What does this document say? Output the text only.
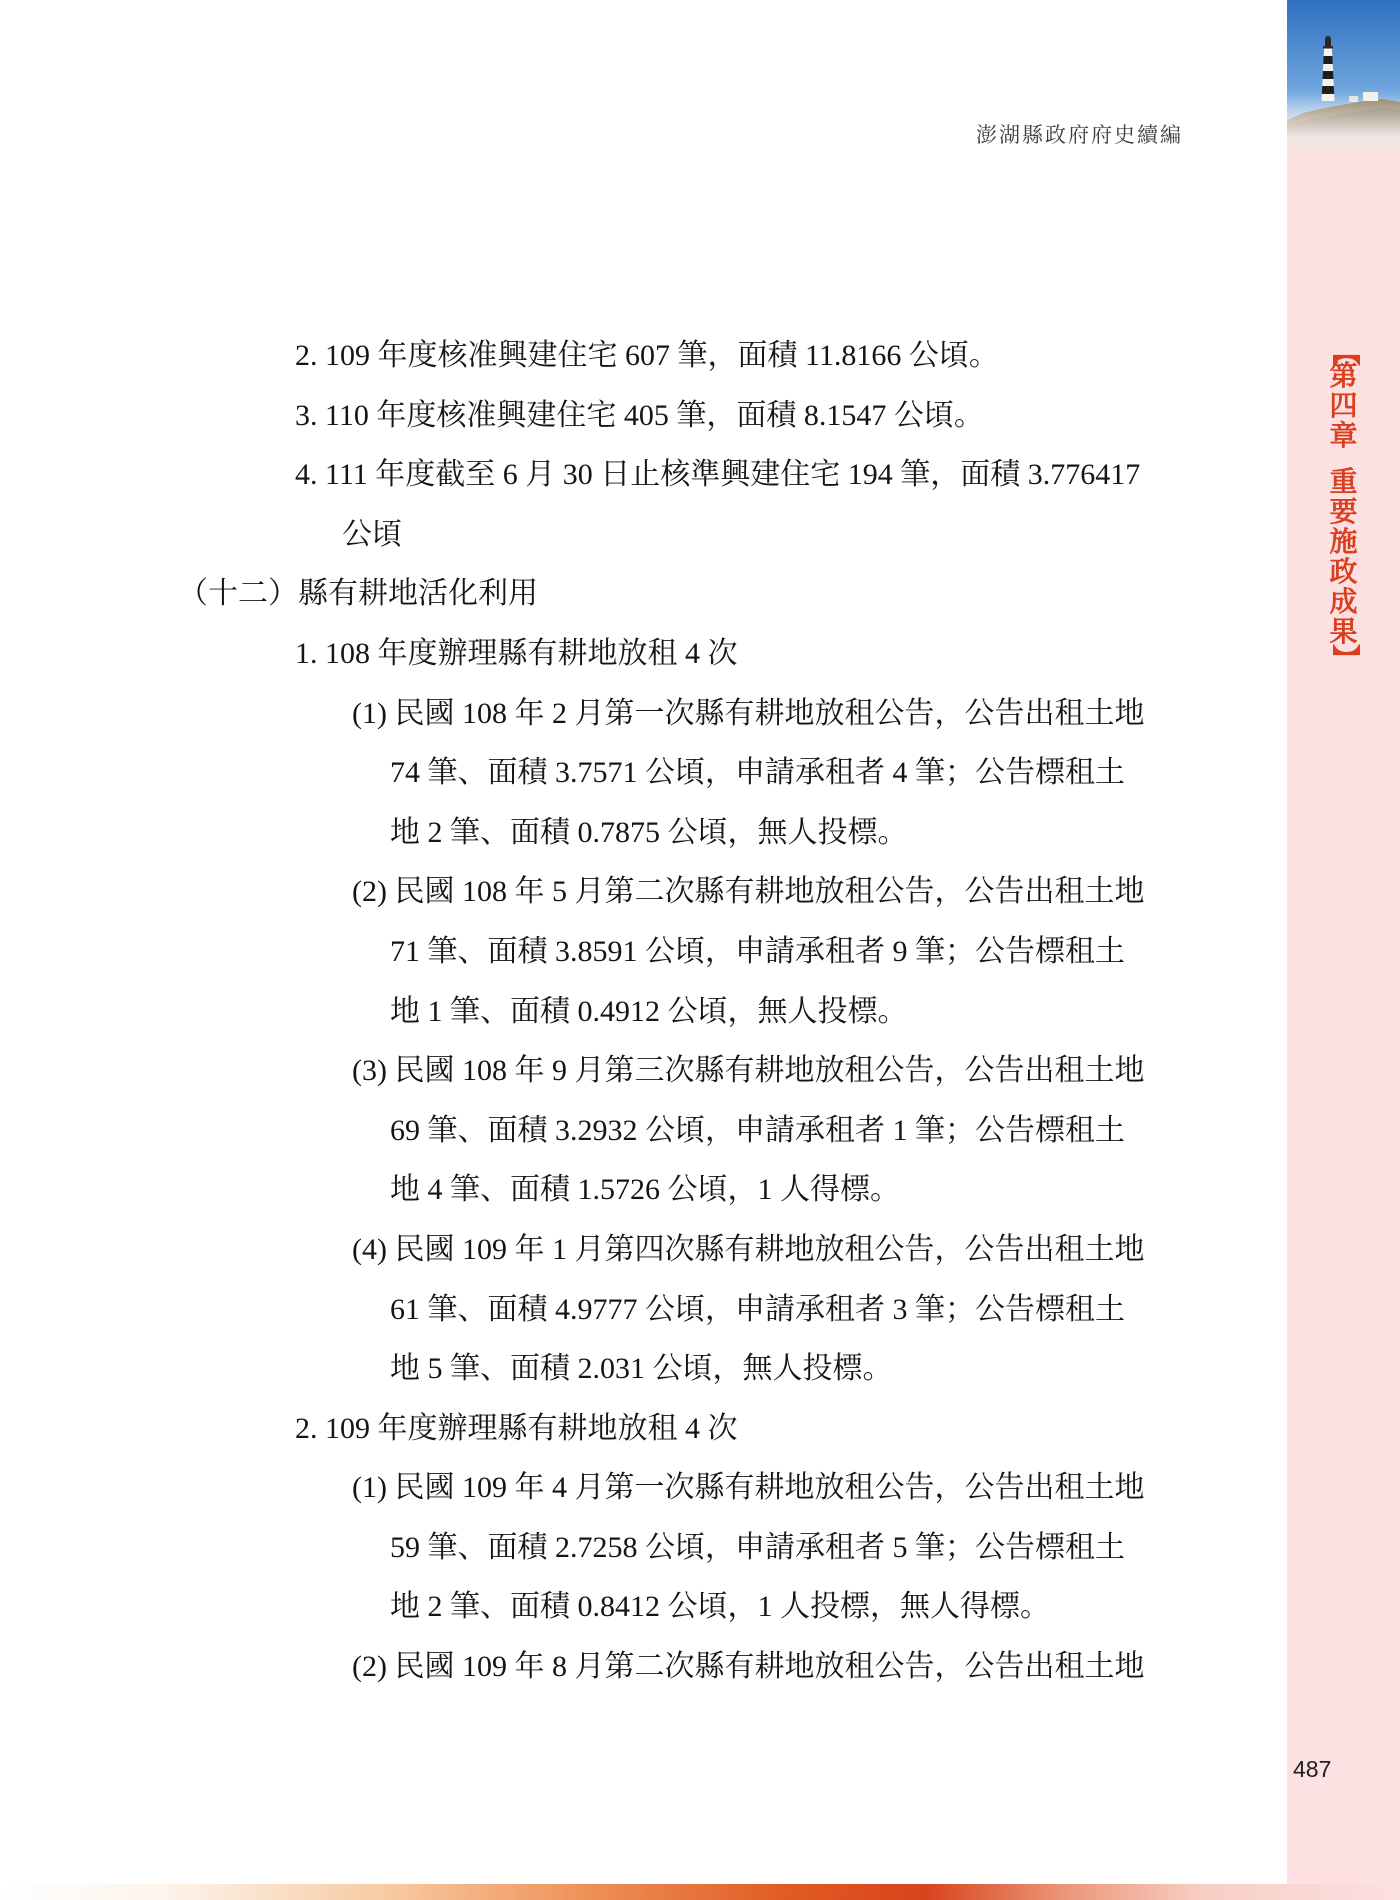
澎湖縣政府府史續編
2. 109 年度核准興建住宅 607 筆，面積 11.8166 公頃。
3. 110 年度核准興建住宅 405 筆，面積 8.1547 公頃。
4. 111 年度截至 6 月 30 日止核準興建住宅 194 筆，面積 3.776417
公頃
（十二）縣有耕地活化利用
1. 108 年度辦理縣有耕地放租 4 次
(1) 民國 108 年 2 月第一次縣有耕地放租公告，公告出租土地
74 筆、面積 3.7571 公頃，申請承租者 4 筆；公告標租土
地 2 筆、面積 0.7875 公頃，無人投標。
(2) 民國 108 年 5 月第二次縣有耕地放租公告，公告出租土地
71 筆、面積 3.8591 公頃，申請承租者 9 筆；公告標租土
地 1 筆、面積 0.4912 公頃，無人投標。
(3) 民國 108 年 9 月第三次縣有耕地放租公告，公告出租土地
69 筆、面積 3.2932 公頃，申請承租者 1 筆；公告標租土
地 4 筆、面積 1.5726 公頃，1 人得標。
(4) 民國 109 年 1 月第四次縣有耕地放租公告，公告出租土地
61 筆、面積 4.9777 公頃，申請承租者 3 筆；公告標租土
地 5 筆、面積 2.031 公頃，無人投標。
2. 109 年度辦理縣有耕地放租 4 次
(1) 民國 109 年 4 月第一次縣有耕地放租公告，公告出租土地
59 筆、面積 2.7258 公頃，申請承租者 5 筆；公告標租土
地 2 筆、面積 0.8412 公頃，1 人投標，無人得標。
(2) 民國 109 年 8 月第二次縣有耕地放租公告，公告出租土地
【
第
四
章
重
要
施
政
成
果
】
487
